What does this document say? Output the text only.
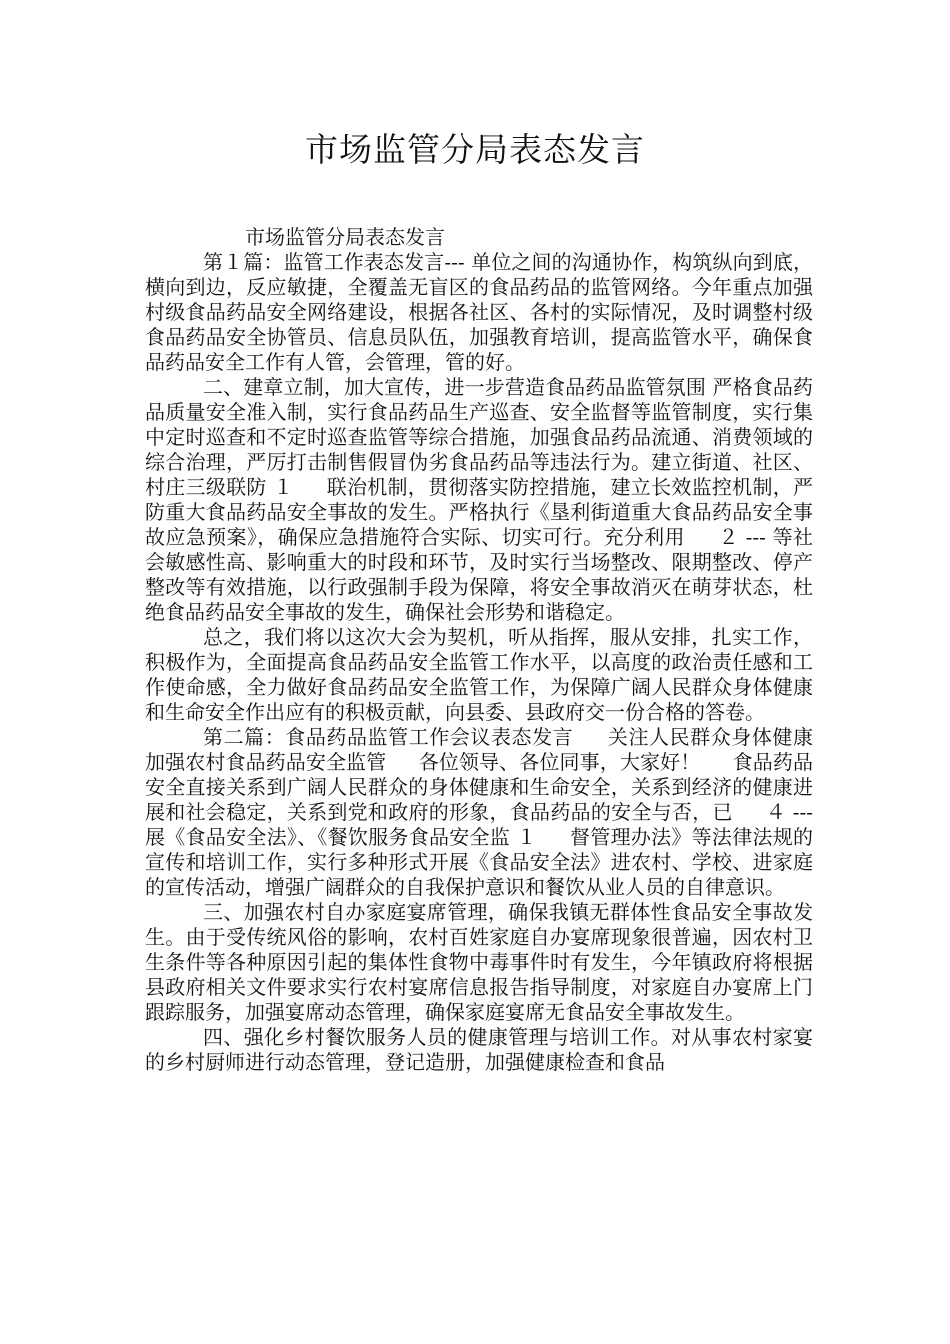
市场监管分局表态发言

市场监管分局表态发言

第１篇：监管工作表态发言--- 单位之间的沟通协作，构筑纵向到底，横向到边，反应敏捷，全覆盖无盲区的食品药品的监管网络。今年重点加强村级食品药品安全网络建设，根据各社区、各村的实际情况，及时调整村级食品药品安全协管员、信息员队伍，加强教育培训，提高监管水平，确保食品药品安全工作有人管，会管理，管的好。

二、建章立制，加大宣传，进一步营造食品药品监管氛围 严格食品药品质量安全准入制，实行食品药品生产巡查、安全监督等监管制度，实行集中定时巡查和不定时巡查监管等综合措施，加强食品药品流通、消费领域的综合治理，严厉打击制售假冒伪劣食品药品等违法行为。建立街道、社区、村庄三级联防 １     联治机制，贯彻落实防控措施，建立长效监控机制，严防重大食品药品安全事故的发生。严格执行《垦利街道重大食品药品安全事故应急预案》，确保应急措施符合实际、切实可行。充分利用     ２ --- 等社会敏感性高、影响重大的时段和环节，及时实行当场整改、限期整改、停产整改等有效措施，以行政强制手段为保障，将安全事故消灭在萌芽状态，杜绝食品药品安全事故的发生，确保社会形势和谐稳定。

总之，我们将以这次大会为契机，听从指挥，服从安排，扎实工作，积极作为，全面提高食品药品安全监管工作水平，以高度的政治责任感和工作使命感，全力做好食品药品安全监管工作，为保障广阔人民群众身体健康和生命安全作出应有的积极贡献，向县委、县政府交一份合格的答卷。

第二篇：食品药品监管工作会议表态发言     关注人民群众身体健康 加强农村食品药品安全监管     各位领导、各位同事，大家好！     食品药品安全直接关系到广阔人民群众的身体健康和生命安全，关系到经济的健康进展和社会稳定，关系到党和政府的形象，食品药品的安全与否，已     ４ --- 展《食品安全法》、《餐饮服务食品安全监 １     督管理办法》等法律法规的宣传和培训工作，实行多种形式开展《食品安全法》进农村、学校、进家庭的宣传活动，增强广阔群众的自我保护意识和餐饮从业人员的自律意识。

三、加强农村自办家庭宴席管理，确保我镇无群体性食品安全事故发生。由于受传统风俗的影响，农村百姓家庭自办宴席现象很普遍，因农村卫生条件等各种原因引起的集体性食物中毒事件时有发生，今年镇政府将根据县政府相关文件要求实行农村宴席信息报告指导制度，对家庭自办宴席上门跟踪服务，加强宴席动态管理，确保家庭宴席无食品安全事故发生。

四、强化乡村餐饮服务人员的健康管理与培训工作。对从事农村家宴的乡村厨师进行动态管理，登记造册，加强健康检查和食品
